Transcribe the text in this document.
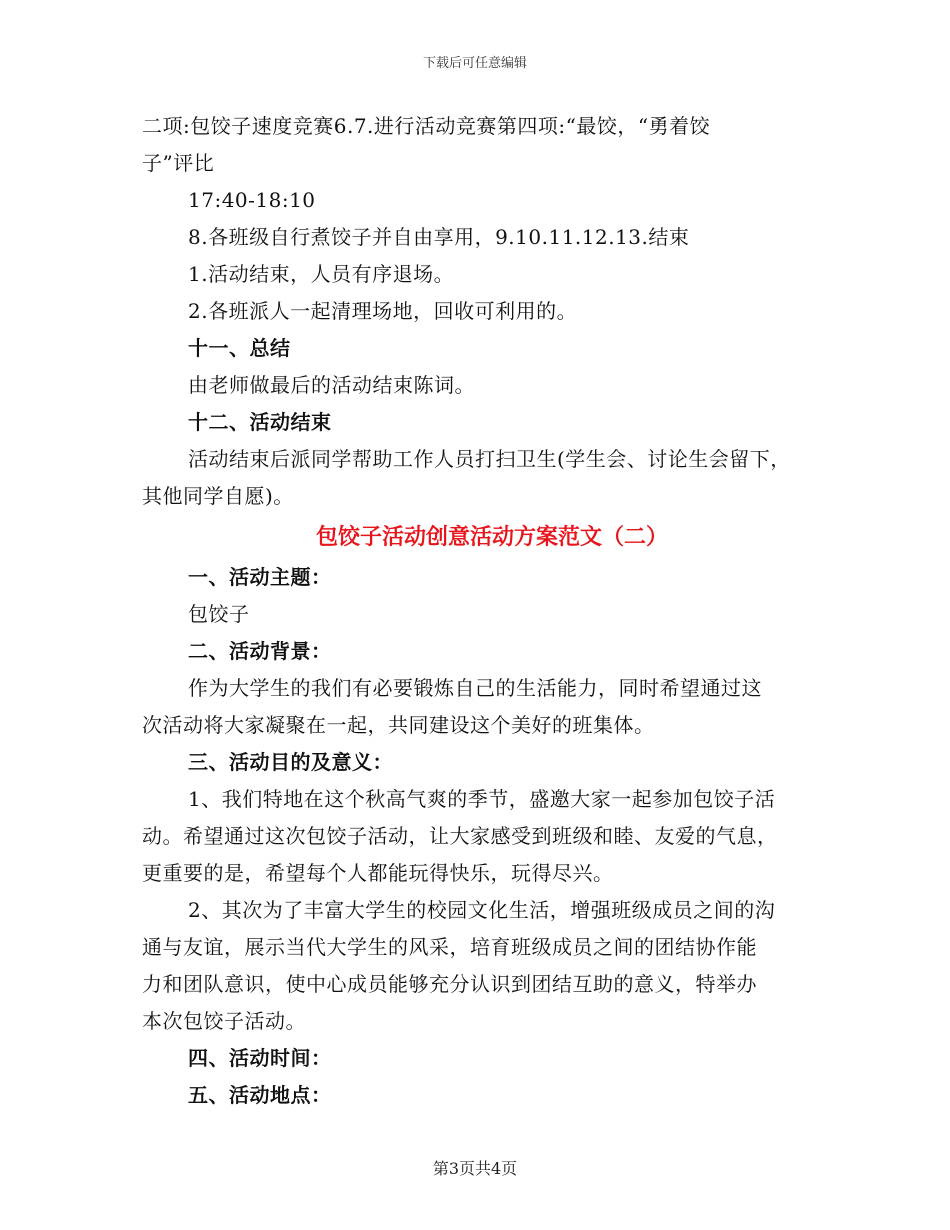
下载后可任意编辑

二项:包饺子速度竞赛6.7.进行活动竞赛第四项:“最饺，“勇着饺

子”评比

17:40-18:10

8.各班级自行煮饺子并自由享用，9.10.11.12.13.结束

1.活动结束，人员有序退场。

2.各班派人一起清理场地，回收可利用的。

十一、总结

由老师做最后的活动结束陈词。

十二、活动结束

活动结束后派同学帮助工作人员打扫卫生(学生会、讨论生会留下，

其他同学自愿)。

包饺子活动创意活动方案范文（二）

一、活动主题：

包饺子

二、活动背景：

作为大学生的我们有必要锻炼自己的生活能力，同时希望通过这

次活动将大家凝聚在一起，共同建设这个美好的班集体。

三、活动目的及意义：

1、我们特地在这个秋高气爽的季节，盛邀大家一起参加包饺子活

动。希望通过这次包饺子活动，让大家感受到班级和睦、友爱的气息，

更重要的是，希望每个人都能玩得快乐，玩得尽兴。

2、其次为了丰富大学生的校园文化生活，增强班级成员之间的沟

通与友谊，展示当代大学生的风采，培育班级成员之间的团结协作能

力和团队意识，使中心成员能够充分认识到团结互助的意义，特举办

本次包饺子活动。

四、活动时间：

五、活动地点：

第3页共4页
